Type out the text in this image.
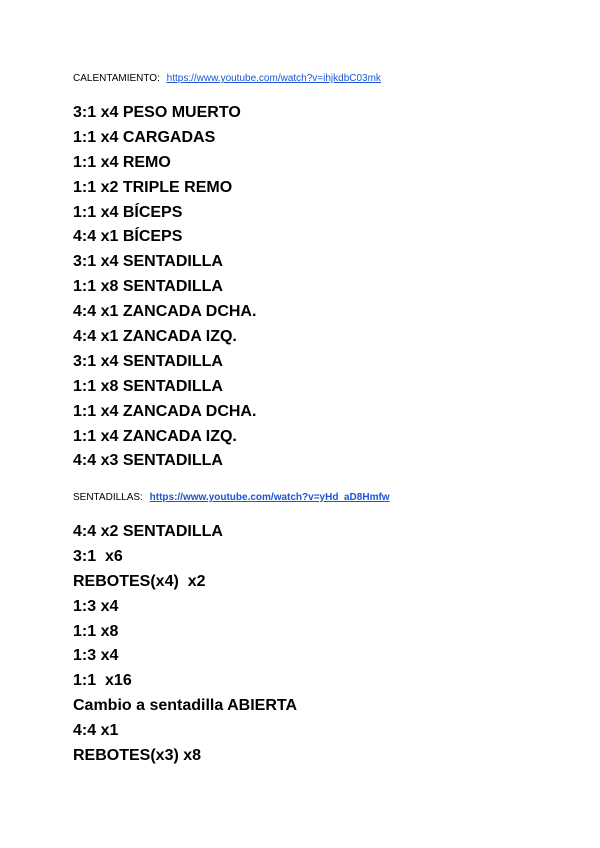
CALENTAMIENTO: https://www.youtube.com/watch?v=ihjkdbC03mk
3:1 x4 PESO MUERTO
1:1 x4 CARGADAS
1:1 x4 REMO
1:1 x2 TRIPLE REMO
1:1 x4 BÍCEPS
4:4 x1 BÍCEPS
3:1 x4 SENTADILLA
1:1 x8 SENTADILLA
4:4 x1 ZANCADA DCHA.
4:4 x1 ZANCADA IZQ.
3:1 x4 SENTADILLA
1:1 x8 SENTADILLA
1:1 x4 ZANCADA DCHA.
1:1 x4 ZANCADA IZQ.
4:4 x3 SENTADILLA
SENTADILLAS: https://www.youtube.com/watch?v=yHd_aD8Hmfw
4:4 x2 SENTADILLA
3:1  x6
REBOTES(x4)  x2
1:3 x4
1:1 x8
1:3 x4
1:1  x16
Cambio a sentadilla ABIERTA
4:4 x1
REBOTES(x3) x8
